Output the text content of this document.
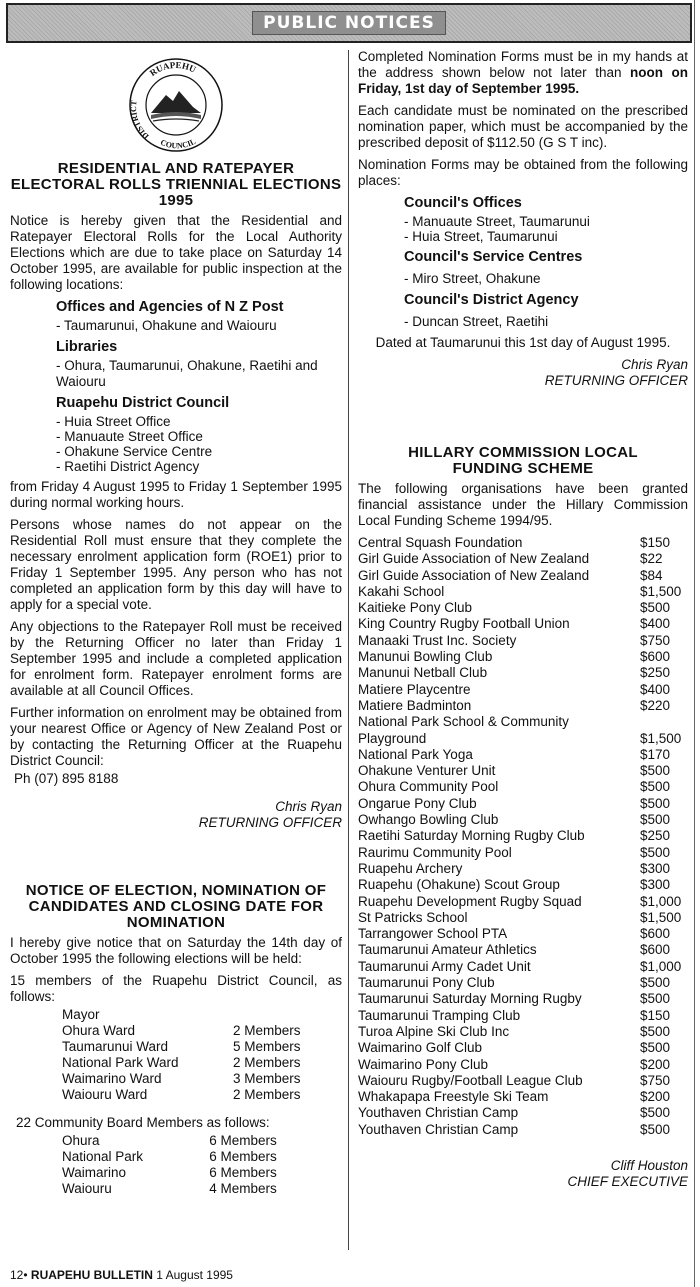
PUBLIC NOTICES
RUAPEHU
DISTRICT
COUNCIL
RESIDENTIAL AND RATEPAYER ELECTORAL ROLLS TRIENNIAL ELECTIONS 1995

Notice is hereby given that the Residential and Ratepayer Electoral Rolls for the Local Authority Elections which are due to take place on Saturday 14 October 1995, are available for public inspection at the following locations:

Offices and Agencies of N Z Post
- Taumarunui, Ohakune and Waiouru
Libraries
- Ohura, Taumarunui, Ohakune, Raetihi and Waiouru
Ruapehu District Council
- Huia Street Office
- Manuaute Street Office
- Ohakune Service Centre
- Raetihi District Agency

from Friday 4 August 1995 to Friday 1 September 1995 during normal working hours.

Persons whose names do not appear on the Residential Roll must ensure that they complete the necessary enrolment application form (ROE1) prior to Friday 1 September 1995. Any person who has not completed an application form by this day will have to apply for a special vote.

Any objections to the Ratepayer Roll must be received by the Returning Officer no later than Friday 1 September 1995 and include a completed application for enrolment form. Ratepayer enrolment forms are available at all Council Offices.

Further information on enrolment may be obtained from your nearest Office or Agency of New Zealand Post or by contacting the Returning Officer at the Ruapehu District Council:

Ph (07) 895 8188

Chris Ryan

RETURNING OFFICER

NOTICE OF ELECTION, NOMINATION OF CANDIDATES AND CLOSING DATE FOR NOMINATION

I hereby give notice that on Saturday the 14th day of October 1995 the following elections will be held:

15 members of the Ruapehu District Council, as follows:

Mayor	
Ohura Ward	2 Members
Taumarunui Ward	5 Members
National Park Ward	2 Members
Waimarino Ward	3 Members
Waiouru Ward	2 Members

22 Community Board Members as follows:

Ohura	6 Members
National Park	6 Members
Waimarino	6 Members
Waiouru	4 Members

Completed Nomination Forms must be in my hands at the address shown below not later than noon on Friday, 1st day of September 1995.

Each candidate must be nominated on the prescribed nomination paper, which must be accompanied by the prescribed deposit of $112.50 (G S T inc).

Nomination Forms may be obtained from the following places:

Council's Offices
- Manuaute Street, Taumarunui
- Huia Street, Taumarunui
Council's Service Centres
- Miro Street, Ohakune
Council's District Agency
- Duncan Street, Raetihi

Dated at Taumarunui this 1st day of August 1995.

Chris Ryan

RETURNING OFFICER

HILLARY COMMISSION LOCAL FUNDING SCHEME

The following organisations have been granted financial assistance under the Hillary Commission Local Funding Scheme 1994/95.

Central Squash Foundation	$150
Girl Guide Association of New Zealand	$22
Girl Guide Association of New Zealand	$84
Kakahi School	$1,500
Kaitieke Pony Club	$500
King Country Rugby Football Union	$400
Manaaki Trust Inc. Society	$750
Manunui Bowling Club	$600
Manunui Netball Club	$250
Matiere Playcentre	$400
Matiere Badminton	$220
National Park School & Community Playground	$1,500
National Park Yoga	$170
Ohakune Venturer Unit	$500
Ohura Community Pool	$500
Ongarue Pony Club	$500
Owhango Bowling Club	$500
Raetihi Saturday Morning Rugby Club	$250
Raurimu Community Pool	$500
Ruapehu Archery	$300
Ruapehu (Ohakune) Scout Group	$300
Ruapehu Development Rugby Squad	$1,000
St Patricks School	$1,500
Tarrangower School PTA	$600
Taumarunui Amateur Athletics	$600
Taumarunui Army Cadet Unit	$1,000
Taumarunui Pony Club	$500
Taumarunui Saturday Morning Rugby	$500
Taumarunui Tramping Club	$150
Turoa Alpine Ski Club Inc	$500
Waimarino Golf Club	$500
Waimarino Pony Club	$200
Waiouru Rugby/Football League Club	$750
Whakapapa Freestyle Ski Team	$200
Youthaven Christian Camp	$500
Youthaven Christian Camp	$500

Cliff Houston

CHIEF EXECUTIVE

12• RUAPEHU BULLETIN 1 August 1995
